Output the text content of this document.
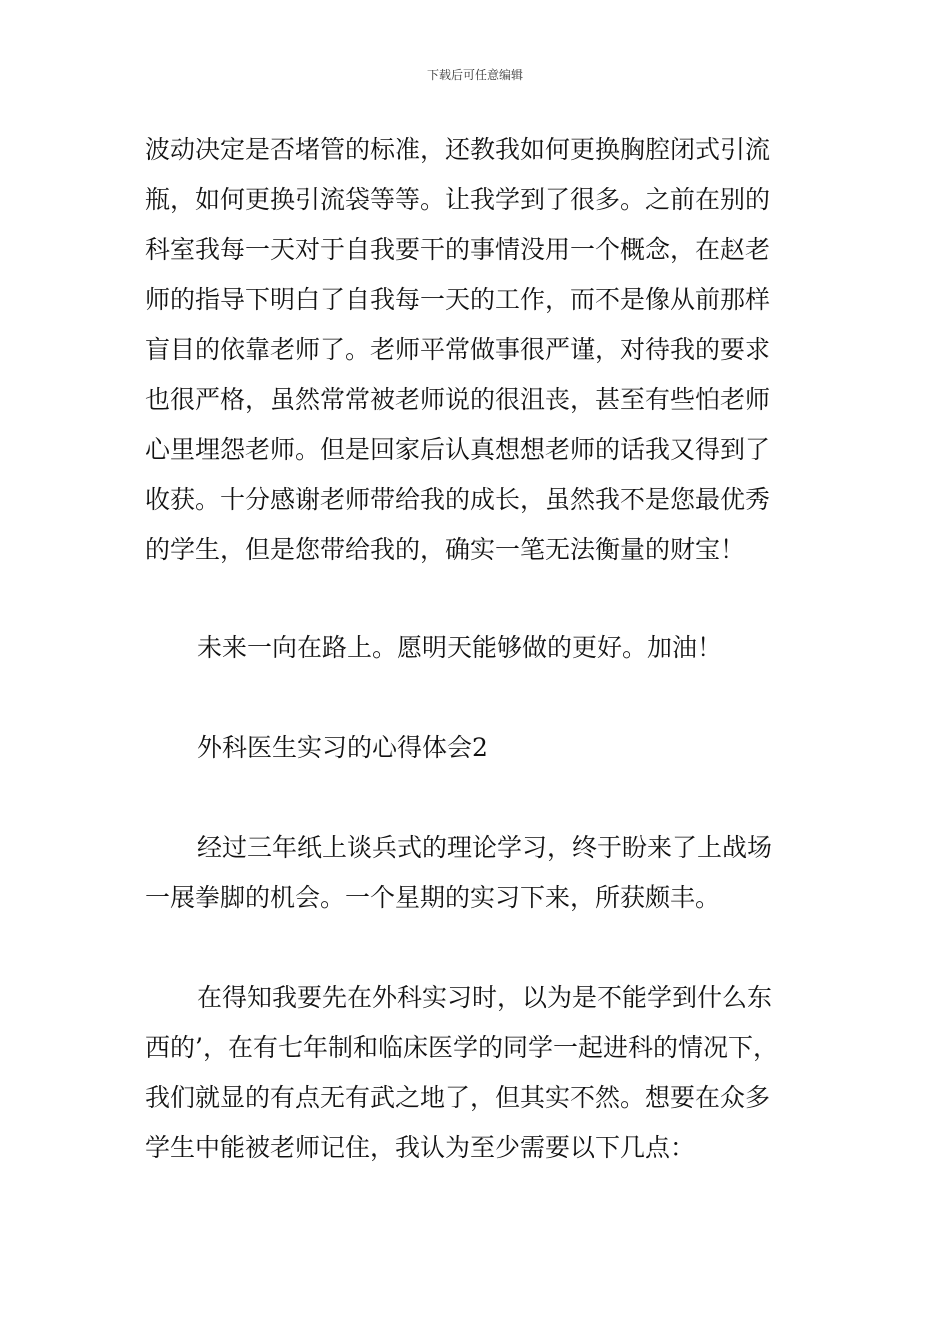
下载后可任意编辑
波动决定是否堵管的标准，还教我如何更换胸腔闭式引流
瓶，如何更换引流袋等等。让我学到了很多。之前在别的
科室我每一天对于自我要干的事情没用一个概念，在赵老
师的指导下明白了自我每一天的工作，而不是像从前那样
盲目的依靠老师了。老师平常做事很严谨，对待我的要求
也很严格，虽然常常被老师说的很沮丧，甚至有些怕老师
心里埋怨老师。但是回家后认真想想老师的话我又得到了
收获。十分感谢老师带给我的成长，虽然我不是您最优秀
的学生，但是您带给我的，确实一笔无法衡量的财宝！
未来一向在路上。愿明天能够做的更好。加油！
外科医生实习的心得体会2
经过三年纸上谈兵式的理论学习，终于盼来了上战场
一展拳脚的机会。一个星期的实习下来，所获颇丰。
在得知我要先在外科实习时，以为是不能学到什么东
西的’，在有七年制和临床医学的同学一起进科的情况下，
我们就显的有点无有武之地了，但其实不然。想要在众多
学生中能被老师记住，我认为至少需要以下几点：
